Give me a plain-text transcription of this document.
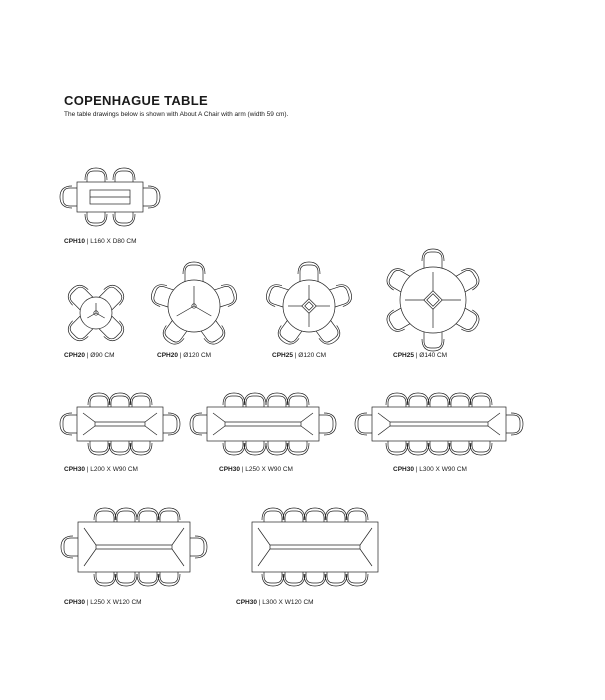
COPENHAGUE TABLE

The table drawings below is shown with About A Chair with arm (width 59 cm).

CPH10 | L160 X D80 CM
CPH20 | Ø90 CM	CPH20 | Ø120 CM	CPH25 | Ø120 CM	CPH25 | Ø140 CM
CPH30 | L200 X W90 CM	CPH30 | L250 X W90 CM	CPH30 | L300 X W90 CM
CPH30 | L250 X W120 CM	CPH30 | L300 X W120 CM
